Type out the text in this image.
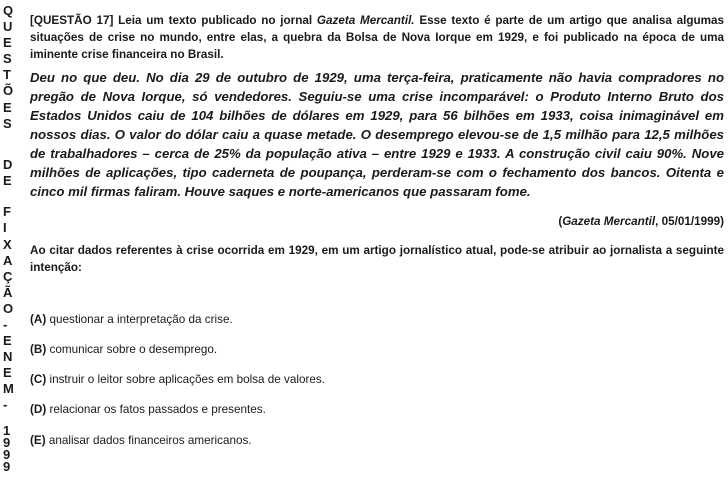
Q
U
E
S
T
Õ
E
S
D
E
F
I
X
A
Ç
Ã
O
-
E
N
E
M
-
1
9
9
9

[QUESTÃO 17] Leia um texto publicado no jornal Gazeta Mercantil. Esse texto é parte de um artigo que analisa algumas situações de crise no mundo, entre elas, a quebra da Bolsa de Nova Iorque em 1929, e foi publicado na época de uma iminente crise financeira no Brasil.

Deu no que deu. No dia 29 de outubro de 1929, uma terça-feira, praticamente não havia compradores no pregão de Nova Iorque, só vendedores. Seguiu-se uma crise incomparável: o Produto Interno Bruto dos Estados Unidos caiu de 104 bilhões de dólares em 1929, para 56 bilhões em 1933, coisa inimaginável em nossos dias. O valor do dólar caiu a quase metade. O desemprego elevou-se de 1,5 milhão para 12,5 milhões de trabalhadores – cerca de 25% da população ativa – entre 1929 e 1933. A construção civil caiu 90%. Nove milhões de aplicações, tipo caderneta de poupança, perderam-se com o fechamento dos bancos. Oitenta e cinco mil firmas faliram. Houve saques e norte-americanos que passaram fome.

(Gazeta Mercantil, 05/01/1999)

Ao citar dados referentes à crise ocorrida em 1929, em um artigo jornalístico atual, pode-se atribuir ao jornalista a seguinte intenção:

(A) questionar a interpretação da crise.

(B) comunicar sobre o desemprego.

(C) instruir o leitor sobre aplicações em bolsa de valores.

(D) relacionar os fatos passados e presentes.

(E) analisar dados financeiros americanos.
